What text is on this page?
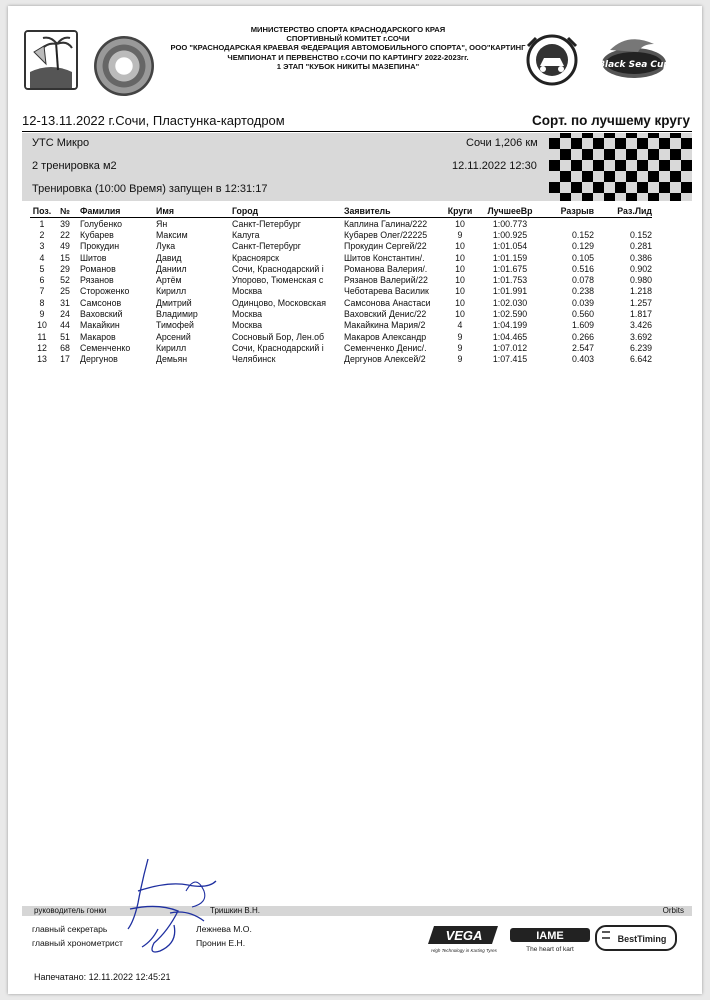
МИНИСТЕРСТВО СПОРТА КРАСНОДАРСКОГО КРАЯ
СПОРТИВНЫЙ КОМИТЕТ г.СОЧИ
РОО "КРАСНОДАРСКАЯ КРАЕВАЯ ФЕДЕРАЦИЯ АВТОМОБИЛЬНОГО СПОРТА", ООО"КАРТИНГ
ЧЕМПИОНАТ И ПЕРВЕНСТВО г.СОЧИ ПО КАРТИНГУ 2022-2023гг.
1 ЭТАП "КУБОК НИКИТЫ МАЗЕПИНА"	Black Sea Cup
12-13.11.2022 г.Сочи, Пластунка-картодром	Сорт. по лучшему кругу
УТС Микро
2 тренировка м2
Тренировка (10:00 Время) запущен в 12:31:17
Сочи 1,206 км
12.11.2022 12:30
Поз.	№	Фамилия	Имя	Город	Заявитель	Круги	ЛучшееВр	Разрыв	Раз.Лид
1	39	Голубенко	Ян	Санкт-Петербург	Каплина Галина/222	10	1:00.773		
2	22	Кубарев	Максим	Калуга	Кубарев Олег/22225	9	1:00.925	0.152	0.152
3	49	Прокудин	Лука	Санкт-Петербург	Прокудин Сергей/22	10	1:01.054	0.129	0.281
4	15	Шитов	Давид	Красноярск	Шитов Константин/.	10	1:01.159	0.105	0.386
5	29	Романов	Даниил	Сочи, Краснодарский і	Романова Валерия/.	10	1:01.675	0.516	0.902
6	52	Рязанов	Артём	Упорово, Тюменская с	Рязанов Валерий/22	10	1:01.753	0.078	0.980
7	25	Стороженко	Кирилл	Москва	Чеботарева Василик	10	1:01.991	0.238	1.218
8	31	Самсонов	Дмитрий	Одинцово, Московская	Самсонова Анастаси	10	1:02.030	0.039	1.257
9	24	Ваховский	Владимир	Москва	Ваховский Денис/22	10	1:02.590	0.560	1.817
10	44	Макайкин	Тимофей	Москва	Макайкина Мария/2	4	1:04.199	1.609	3.426
11	51	Макаров	Арсений	Сосновый Бор, Лен.об	Макаров Александр	9	1:04.465	0.266	3.692
12	68	Семенченко	Кирилл	Сочи, Краснодарский і	Семенченко Денис/.	9	1:07.012	2.547	6.239
13	17	Дергунов	Демьян	Челябинск	Дергунов Алексей/2	9	1:07.415	0.403	6.642
руководитель гонки	Тришкин В.Н.	Orbits
главный секретарь	Лежнева М.О.
главный хронометрист	Пронин Е.Н.	VEGA
High Technology in Karting Tyres
IAME
The heart of kart
BestTiming
Напечатано: 12.11.2022 12:45:21
